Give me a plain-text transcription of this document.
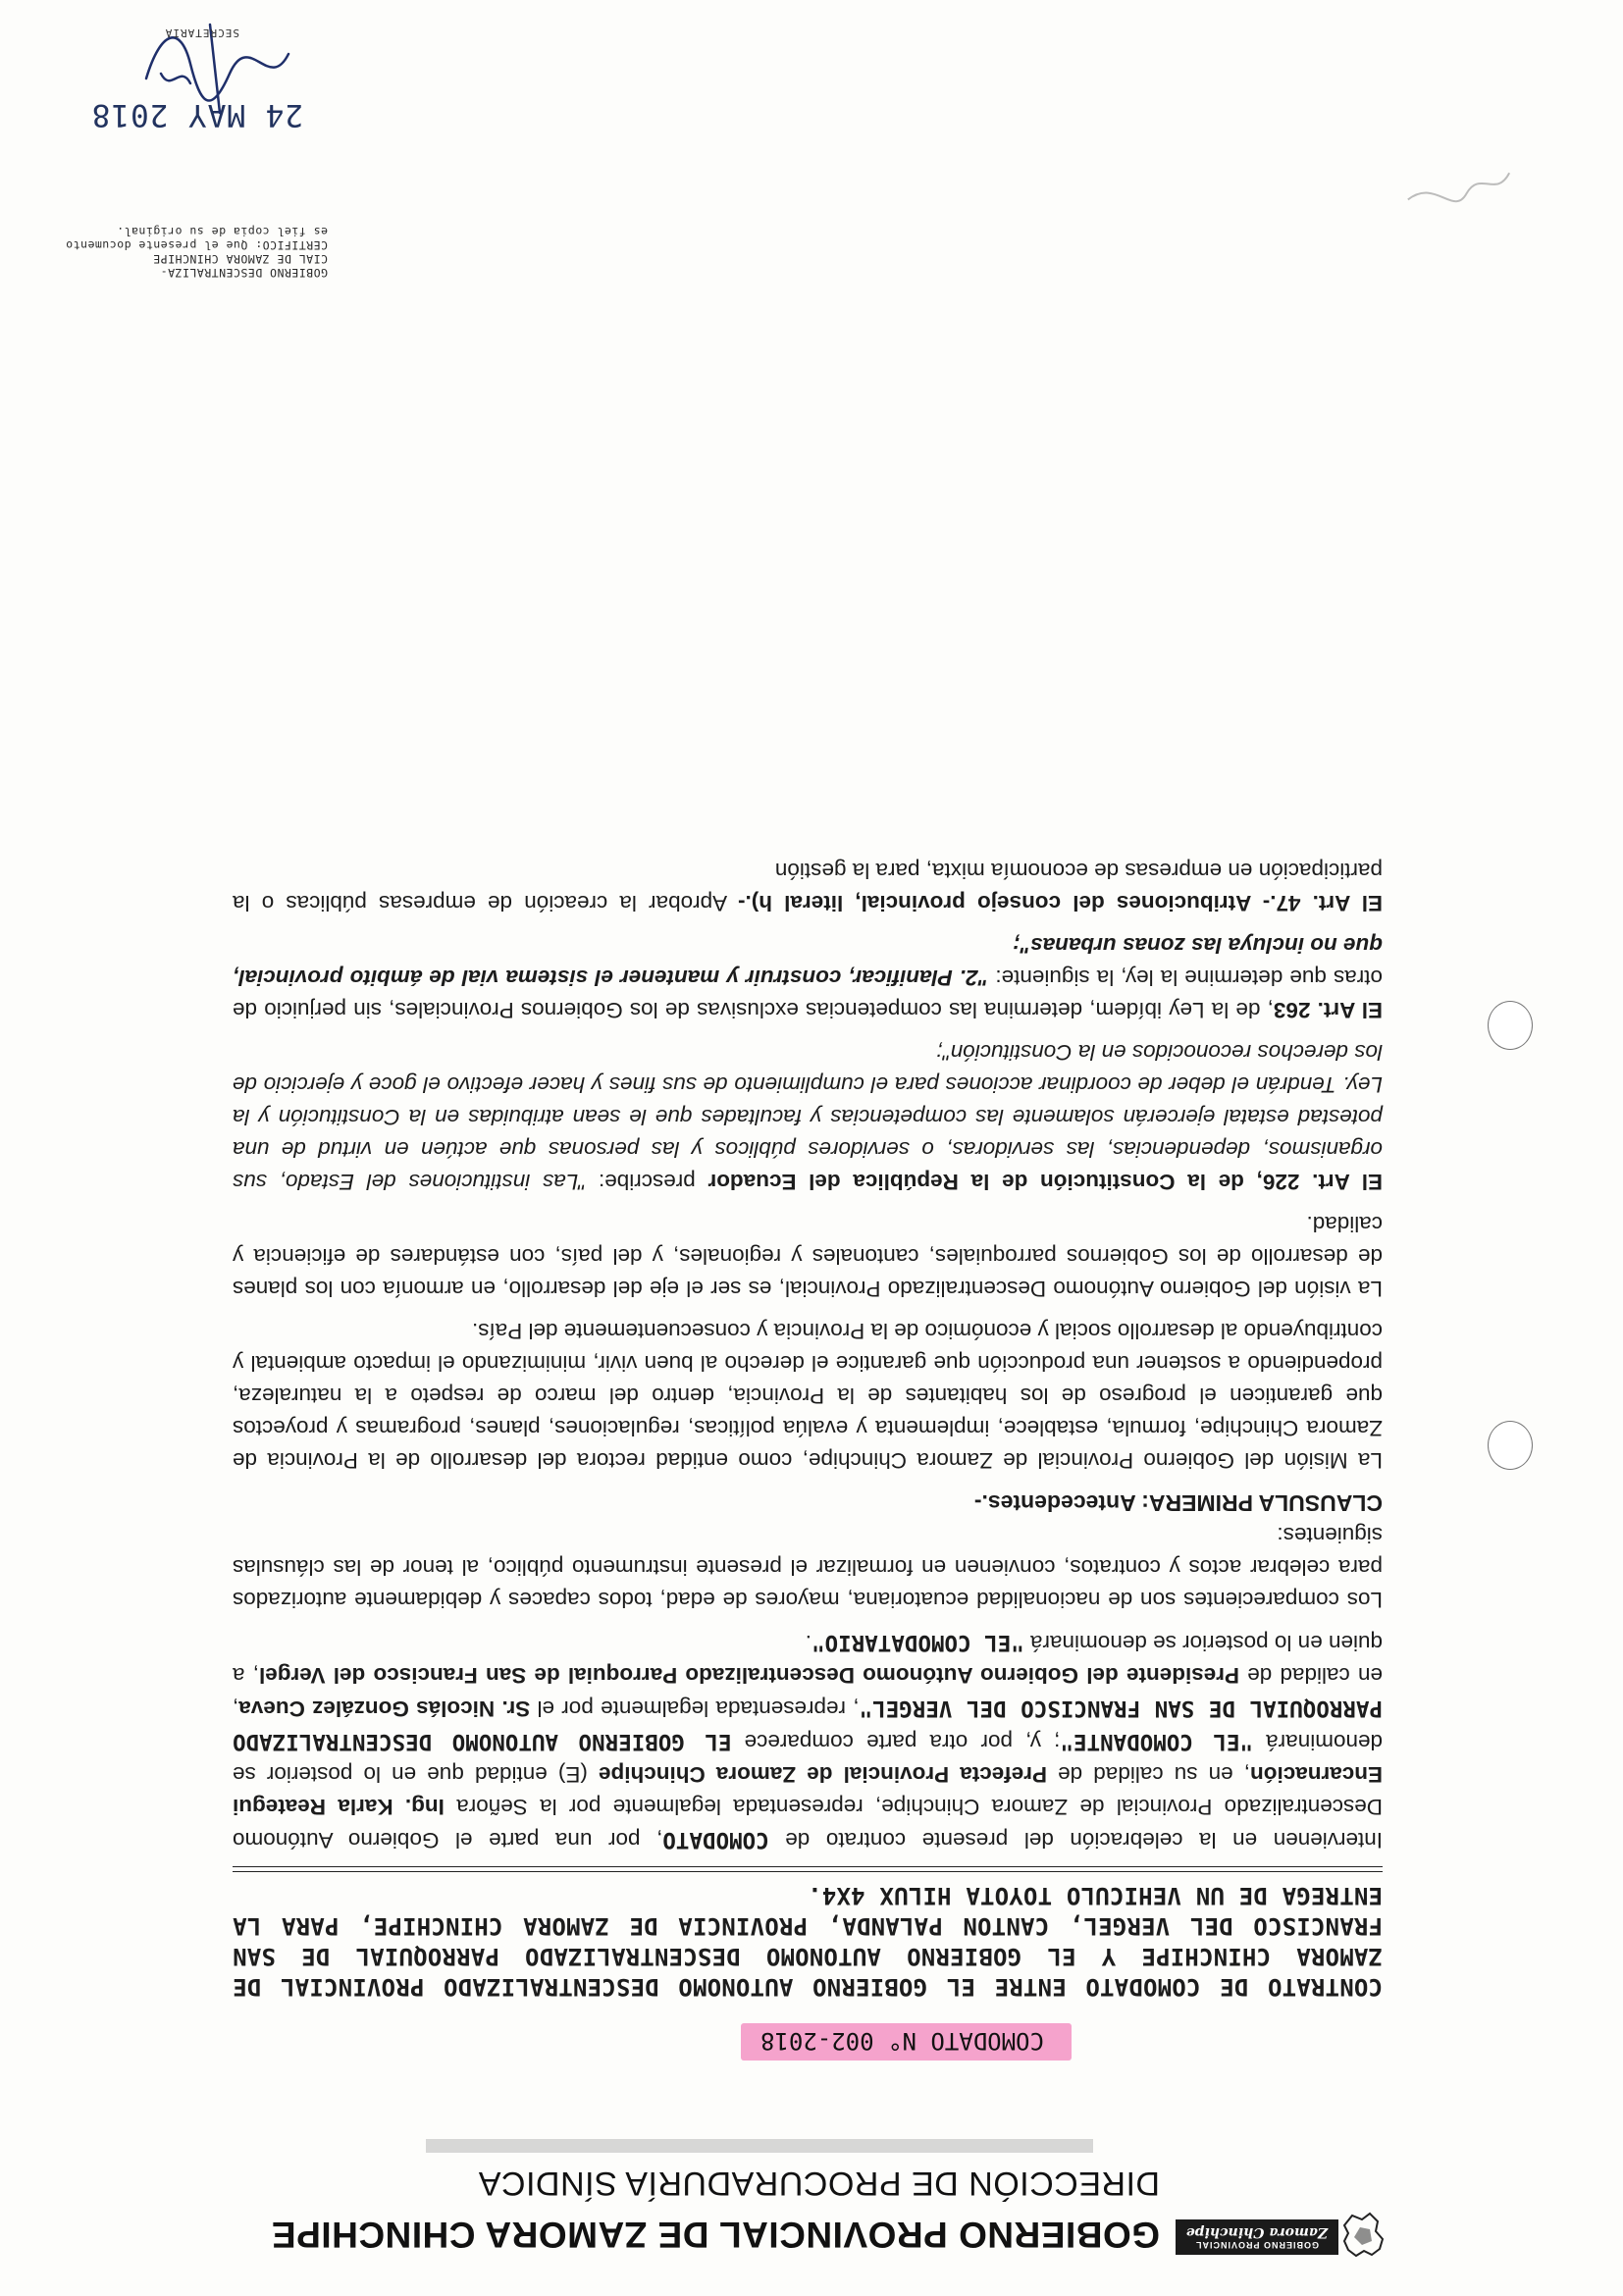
GOBIERNO PROVINCIAL
Zamora Chinchipe
GOBIERNO PROVINCIAL DE ZAMORA CHINCHIPE
DIRECCIÓN DE PROCURADURÍA SÍNDICA
COMODATO N° 002-2018

CONTRATO DE COMODATO ENTRE EL GOBIERNO AUTONOMO DESCENTRALIZADO PROVINCIAL DE ZAMORA CHINCHIPE Y EL GOBIERNO AUTONOMO DESCENTRALIZADO PARROQUIAL DE SAN FRANCISCO DEL VERGEL, CANTON PALANDA, PROVINCIA DE ZAMORA CHINCHIPE, PARA LA ENTREGA DE UN VEHICULO TOYOTA HILUX 4X4.

Intervienen en la celebración del presente contrato de COMODATO, por una parte el Gobierno Autónomo Descentralizado Provincial de Zamora Chinchipe, representada legalmente por la Señora Ing. Karla Reategui Encarnación, en su calidad de Prefecta Provincial de Zamora Chinchipe (E) entidad que en lo posterior se denominará "EL COMODANTE"; y, por otra parte comparece EL GOBIERNO AUTONOMO DESCENTRALIZADO PARROQUIAL DE SAN FRANCISCO DEL VERGEL", representada legalmente por el Sr. Nicolás González Cueva, en calidad de Presidente del Gobierno Autónomo Descentralizado Parroquial de San Francisco del Vergel, a quien en lo posterior se denominará "EL COMODATARIO".

Los comparecientes son de nacionalidad ecuatoriana, mayores de edad, todos capaces y debidamente autorizados para celebrar actos y contratos, convienen en formalizar el presente instrumento público, al tenor de las cláusulas siguientes:

CLAUSULA PRIMERA: Antecedentes.-

La Misión del Gobierno Provincial de Zamora Chinchipe, como entidad rectora del desarrollo de la Provincia de Zamora Chinchipe, formula, establece, implementa y evalúa políticas, regulaciones, planes, programas y proyectos que garanticen el progreso de los habitantes de la Provincia, dentro del marco de respeto a la naturaleza, propendiendo a sostener una producción que garantice el derecho al buen vivir, minimizando el impacto ambiental y contribuyendo al desarrollo social y económico de la Provincia y consecuentemente del País.

La visión del Gobierno Autónomo Descentralizado Provincial, es ser el eje del desarrollo, en armonía con los planes de desarrollo de los Gobiernos parroquiales, cantonales y regionales, y del país, con estándares de eficiencia y calidad.

El Art. 226, de la Constitución de la República del Ecuador prescribe: "Las instituciones del Estado, sus organismos, dependencias, las servidoras, o servidores públicos y las personas que actúen en virtud de una potestad estatal ejercerán solamente las competencias y facultades que le sean atribuidas en la Constitución y la Ley. Tendrán el deber de coordinar acciones para el cumplimiento de sus fines y hacer efectivo el goce y ejercicio de los derechos reconocidos en la Constitución";

El Art. 263, de la Ley ibídem, determina las competencias exclusivas de los Gobiernos Provinciales, sin perjuicio de otras que determine la ley, la siguiente: "2. Planificar, construir y mantener el sistema vial de ámbito provincial, que no incluya las zonas urbanas";

El Art. 47.- Atribuciones del consejo provincial, literal h).- Aprobar la creación de empresas públicas o la participación en empresas de economía mixta, para la gestión

GOBIERNO DESCENTRALIZA-
CIAL DE ZAMORA CHINCHIPE
CERTIFICO: Que el presente documento
es fiel copia de su original.
24 MAY 2018
SECRETARIA
